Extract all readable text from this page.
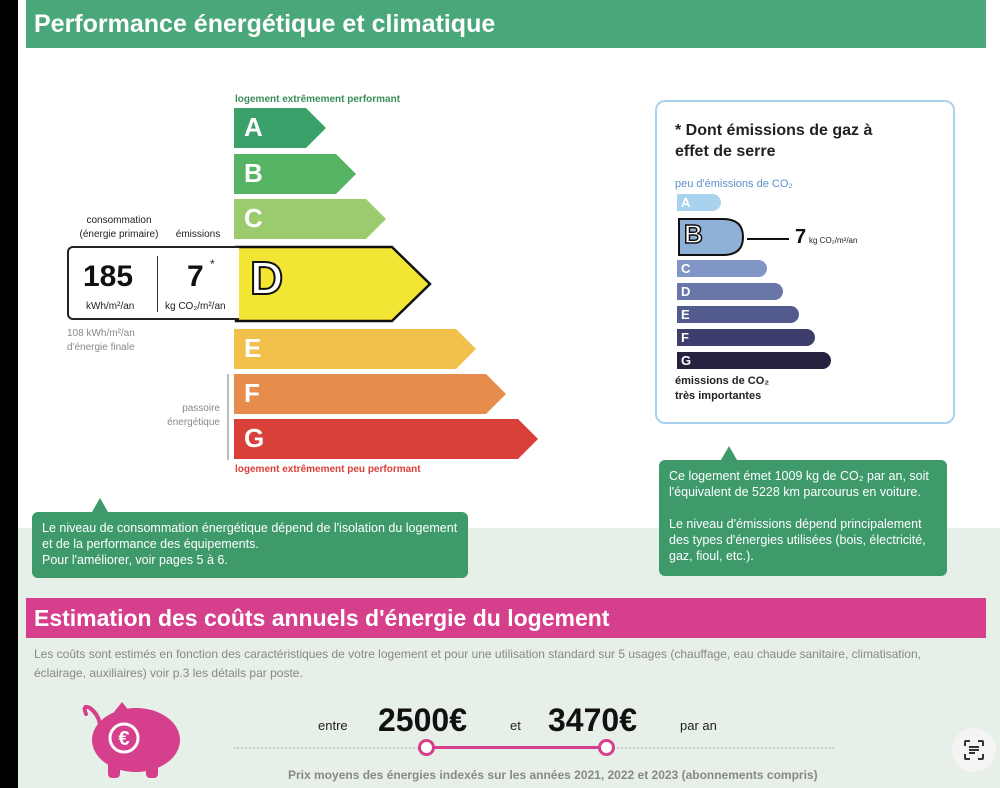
Performance énergétique et climatique
logement extrêmement performant
A
B
C
E
F
G
D
logement extrêmement peu performant
consommation
(énergie primaire)	émissions
185
kWh/m²/an
7 *
kg CO₂/m²/an
108 kWh/m²/an
d'énergie finale
passoire
énergétique
Le niveau de consommation énergétique dépend de l'isolation du logement et de la performance des équipements.
Pour l'améliorer, voir pages 5 à 6.
* Dont émissions de gaz à effet de serre
peu d'émissions de CO₂
A
C
D
E
F
G
B	7 kg CO₂/m²/an
émissions de CO₂
très importantes
Ce logement émet 1009 kg de CO₂ par an, soit l'équivalent de 5228 km parcourus en voiture.

Le niveau d'émissions dépend principalement des types d'énergies utilisées (bois, électricité, gaz, fioul, etc.).
Estimation des coûts annuels d'énergie du logement
Les coûts sont estimés en fonction des caractéristiques de votre logement et pour une utilisation standard sur 5 usages (chauffage, eau chaude sanitaire, climatisation, éclairage, auxiliaires) voir p.3 les détails par poste.
€
entre 2500€	et 3470€	par an
Prix moyens des énergies indexés sur les années 2021, 2022 et 2023 (abonnements compris)
